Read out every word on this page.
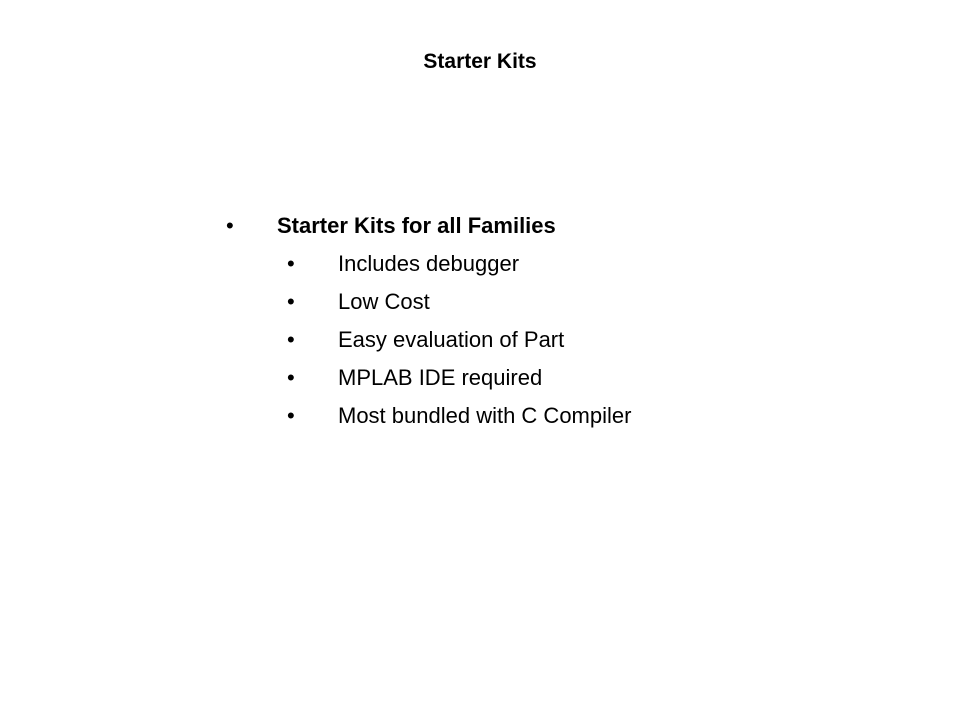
Starter Kits
• Starter Kits for all Families
• Includes debugger
• Low Cost
• Easy evaluation of Part
• MPLAB IDE required
• Most bundled with C Compiler
